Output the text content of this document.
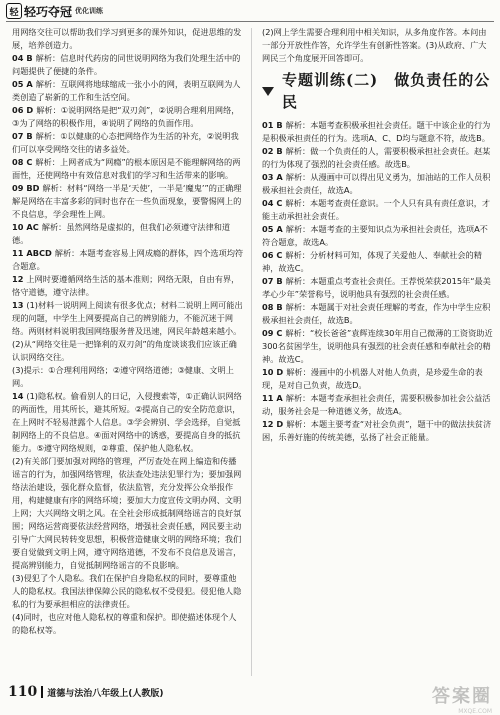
轻 轻巧夺冠 优化训练

用网络交往可以帮助我们学习到更多的课外知识，促进思维的发展，培养创造力。

04 B 解析：信息时代药房的同世说明网络为我们处理生活中的问题提供了便捷的条件。

05 A 解析：互联网将地球缩成一张小小的网，表明互联网为人类创造了崭新的工作和生活空间。

06 D 解析：①说明网络是把“双刃剑”，②说明合理利用网络，③为了网络的积极作用，④说明了网络的负面作用。

07 B 解析：①以健康的心态把网络作为生活的补充，②说明我们可以享受网络交往的诸多益处。

08 C 解析：上网者成为“网瘾”的根本原因是不能理解网络的两面性，还使网络中有效信息对我们的学习和生活带来的影响。

09 BD 解析：材料“网络一半是‘天使’，一半是‘魔鬼’”的正确理解是网络在丰富多彩的同时也存在一些负面现象，要警惕网上的不良信息，学会理性上网。

10 AC 解析：虽然网络是虚拟的，但我们必须遵守法律和道德。

11 ABCD 解析：本题考查容易上网成瘾的群体，四个选项均符合题意。

12 上网时要遵循网络生活的基本准则；网络无限，自由有界，恪守道德，遵守法律。

13 (1)材料一说明网上阅读有很多优点；材料二说明上网可能出现的问题，中学生上网要提高自己的辨别能力，不能沉迷于网络。两则材料说明我国网络服务普及迅速，网民年龄越来越小。

(2)从“网络交往是一把锋利的双刃剑”的角度谈谈我们应该正确认识网络交往。

(3)提示：①合理利用网络；②遵守网络道德；③健康、文明上网。

14 (1)隐私权。偷看别人的日记，入侵搜索等，①正确认识网络的两面性，用其所长，避其所短。②提高自己的安全防范意识，在上网时不轻易泄露个人信息。③学会辨别、学会选择，自觉抵制网络上的不良信息。④面对网络中的诱惑，要提高自身的抵抗能力。⑤遵守网络规则，②尊重、保护他人隐私权。

(2)有关部门要加强对网络的管理，严厉查处在网上编造和传播谣言的行为，加强网络管理，依法查处违法犯罪行为；要加强网络法治建设，强化群众监督，依法监管，充分发挥公众举报作用，构建健康有序的网络环境；要加大力度宣传文明办网、文明上网；大兴网络文明之风。在全社会形成抵制网络谣言的良好氛围；网络运营商要依法经营网络，增强社会责任感，网民要主动引导广大网民转转变思想，积极营造健康文明的网络环境；我们要自觉做到文明上网，遵守网络道德，不发布不良信息及谣言，提高辨别能力，自觉抵制网络谣言的不良影响。

(3)侵犯了个人隐私。我们在保护自身隐私权的同时，要尊重他人的隐私权。我国法律保障公民的隐私权不受侵犯。侵犯他人隐私的行为要承担相应的法律责任。

(4)同时，也应对他人隐私权的尊重和保护。即使描述体现个人的隐私权等。

(2)网上学生需要合理利用中相关知识，从多角度作答。本问由一部分开放性作答，允许学生有创新性答案。(3)从政府、广大网民三个角度展开回答即可。

专题训练(二)　做负责任的公民

01 B 解析：本题考查积极承担社会责任。题干中该企业的行为是积极承担责任的行为。选项A、C、D均与题意不符，故选B。

02 B 解析：做一个负责任的人，需要积极承担社会责任。赵某的行为体现了强烈的社会责任感。故选B。

03 A 解析：从漫画中可以得出见义勇为，加油站的工作人员积极承担社会责任，故选A。

04 C 解析：本题考查责任意识。一个人只有具有责任意识，才能主动承担社会责任。

05 A 解析：本题考查的主要知识点为承担社会责任，选项A不符合题意，故选A。

06 C 解析：分析材料可知，体现了关爱他人、奉献社会的精神，故选C。

07 B 解析：本题重点考查社会责任。王荐悦荣获2015年“最美孝心少年”荣誉称号，说明他具有强烈的社会责任感。

08 B 解析：本题属于对社会责任理解的考查，作为中学生应积极承担社会责任，故选B。

09 C 解析：“校长爸爸”袁辉连续30年用自己微薄的工资资助近300名贫困学生，说明他具有强烈的社会责任感和奉献社会的精神。故选C。

10 D 解析：漫画中的小机器人对他人负责，是珍爱生命的表现，是对自己负责，故选D。

11 A 解析：本题考查承担社会责任，需要积极参加社会公益活动，服务社会是一种道德义务，故选A。

12 D 解析：本题主要考查“对社会负责”，题干中的做法扶贫济困，乐善好施的传统美德，弘扬了社会正能量。

110 道德与法治八年级上(人教版)	答案圈
MXQE.COM
